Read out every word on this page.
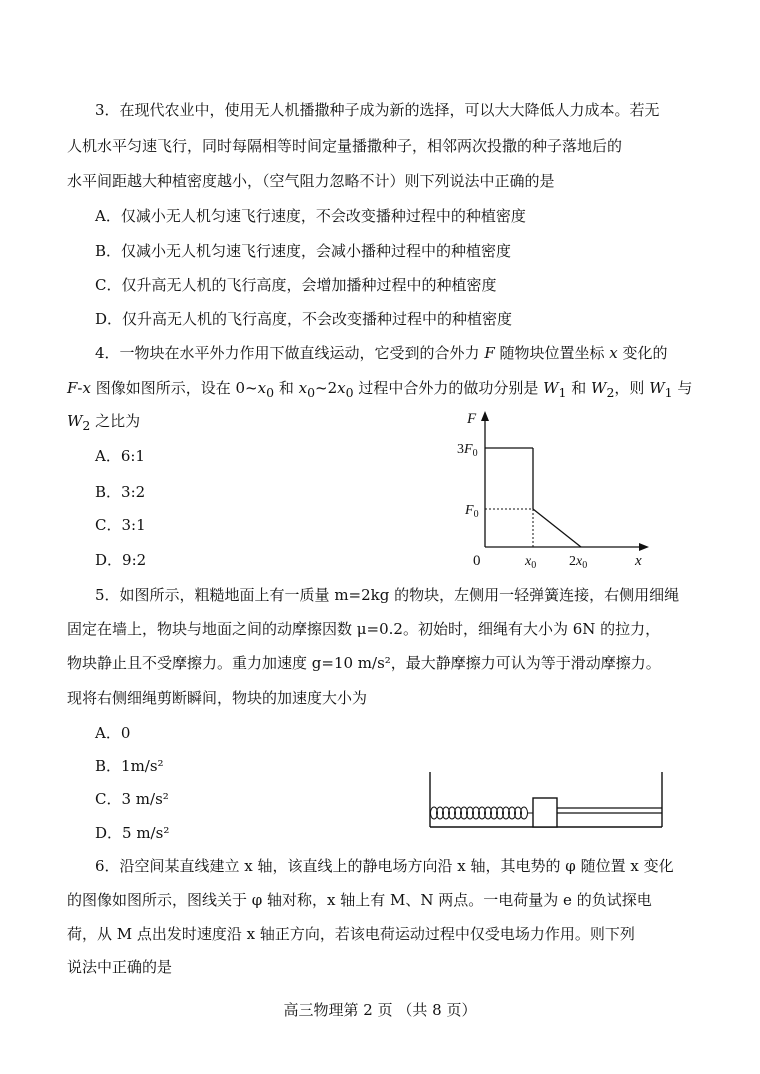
3．在现代农业中，使用无人机播撒种子成为新的选择，可以大大降低人力成本。若无
人机水平匀速飞行，同时每隔相等时间定量播撒种子，相邻两次投撒的种子落地后的
水平间距越大种植密度越小，（空气阻力忽略不计）则下列说法中正确的是
A．仅减小无人机匀速飞行速度，不会改变播种过程中的种植密度
B．仅减小无人机匀速飞行速度，会减小播种过程中的种植密度
C．仅升高无人机的飞行高度，会增加播种过程中的种植密度
D．仅升高无人机的飞行高度，不会改变播种过程中的种植密度
4．一物块在水平外力作用下做直线运动，它受到的合外力 F 随物块位置坐标 x 变化的
F-x 图像如图所示，设在 $0\sim x_0$ 和 $x_0\sim 2x_0$ 过程中合外力的做功分别是 $W_1$ 和 $W_2$，则 $W_1$ 与
$W_2$ 之比为
A．6:1
B．3:2
C．3:1
D．9:2
F
x
0
$3F_0$
$F_0$
$x_0$ $2x_0$
5．如图所示，粗糙地面上有一质量 m=2kg 的物块，左侧用一轻弹簧连接，右侧用细绳
固定在墙上，物块与地面之间的动摩擦因数 μ=0.2。初始时，细绳有大小为 6N 的拉力，
物块静止且不受摩擦力。重力加速度 g=10 m/s²，最大静摩擦力可认为等于滑动摩擦力。
现将右侧细绳剪断瞬间，物块的加速度大小为
A．0
B．1m/s²
C．3 m/s²
D．5 m/s²
6．沿空间某直线建立 x 轴，该直线上的静电场方向沿 x 轴，其电势的 φ 随位置 x 变化
的图像如图所示，图线关于 φ 轴对称，x 轴上有 M、N 两点。一电荷量为 e 的负试探电
荷，从 M 点出发时速度沿 x 轴正方向，若该电荷运动过程中仅受电场力作用。则下列
说法中正确的是
高三物理第 2 页 （共 8 页）
